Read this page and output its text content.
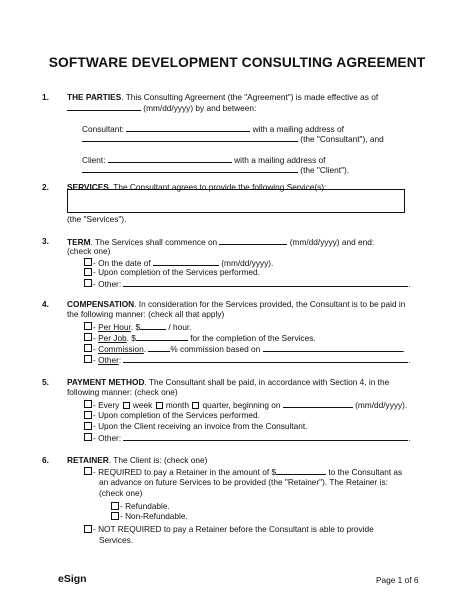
SOFTWARE DEVELOPMENT CONSULTING AGREEMENT
1. THE PARTIES. This Consulting Agreement (the "Agreement") is made effective as of
(mm/dd/yyyy) by and between:
Consultant:	with a mailing address of
(the "Consultant"), and
Client:	with a mailing address of
(the "Client").
2. SERVICES. The Consultant agrees to provide the following Service(s):
(the "Services").
3. TERM. The Services shall commence on	(mm/dd/yyyy) and end:
(check one)
- On the date of	(mm/dd/yyyy).
- Upon completion of the Services performed.
- Other:	.
4. COMPENSATION. In consideration for the Services provided, the Consultant is to be paid in
the following manner: (check all that apply)
- Per Hour. $	/ hour.
- Per Job. $	for the completion of the Services.
- Commission.	% commission based on	.
- Other:	.
5. PAYMENT METHOD. The Consultant shall be paid, in accordance with Section 4, in the
following manner: (check one)
- Every  week  month  quarter, beginning on	(mm/dd/yyyy).
- Upon completion of the Services performed.
- Upon the Client receiving an invoice from the Consultant.
- Other:	.
6. RETAINER. The Client is: (check one)
- REQUIRED to pay a Retainer in the amount of $	to the Consultant as
an advance on future Services to be provided (the "Retainer"). The Retainer is:
(check one)
- Refundable.
- Non-Refundable.
- NOT REQUIRED to pay a Retainer before the Consultant is able to provide
Services.
eSign	Page 1 of 6
